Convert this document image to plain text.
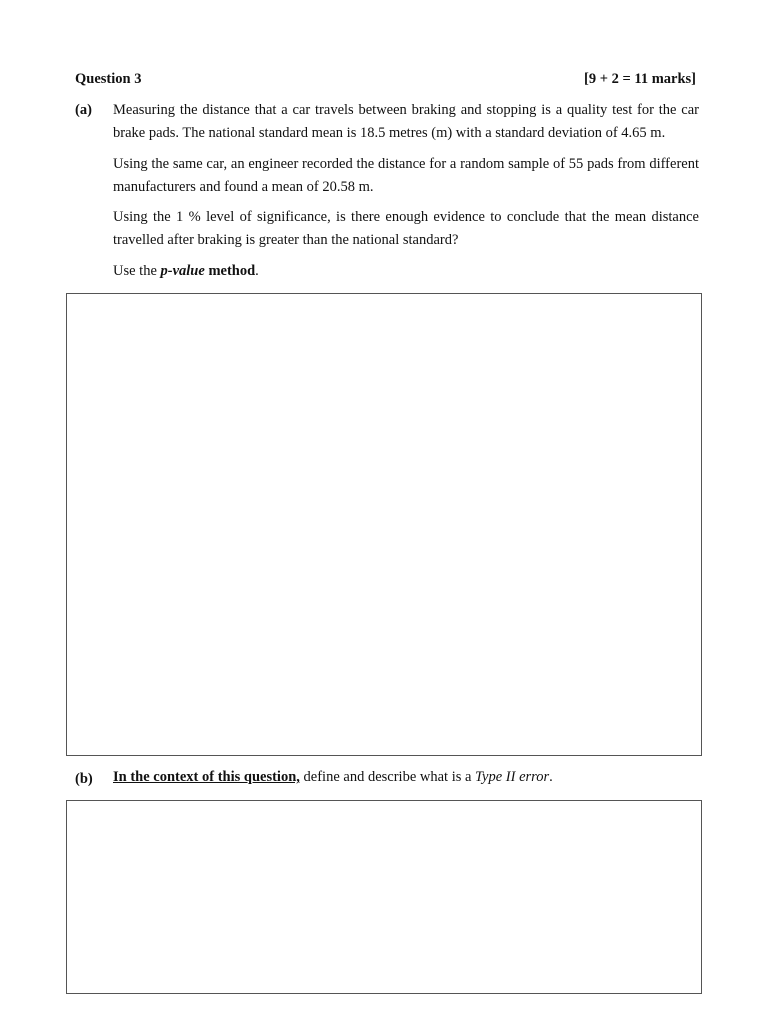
Question 3	[9 + 2 = 11 marks]
(a) Measuring the distance that a car travels between braking and stopping is a quality test for the car brake pads. The national standard mean is 18.5 metres (m) with a standard deviation of 4.65 m.

Using the same car, an engineer recorded the distance for a random sample of 55 pads from different manufacturers and found a mean of 20.58 m.

Using the 1 % level of significance, is there enough evidence to conclude that the mean distance travelled after braking is greater than the national standard?

Use the p-value method.

(b) In the context of this question, define and describe what is a Type II error.
